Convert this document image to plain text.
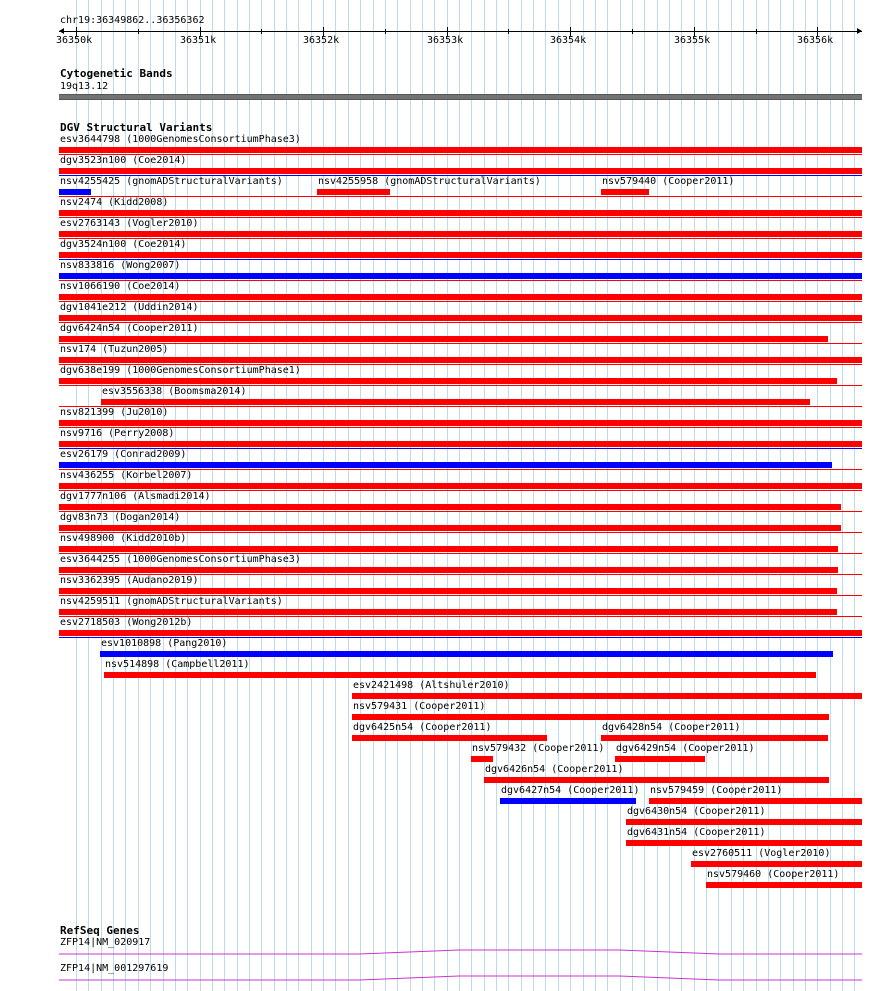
chr19:36349862..36356362
36350k	36351k	36352k	36353k	36354k	36355k	36356k
Cytogenetic Bands
19q13.12
DGV Structural Variants
esv3644798 (1000GenomesConsortiumPhase3)
dgv3523n100 (Coe2014)
nsv4255425 (gnomADStructuralVariants)	nsv4255958 (gnomADStructuralVariants)	nsv579440 (Cooper2011)
nsv2474 (Kidd2008)
esv2763143 (Vogler2010)
dgv3524n100 (Coe2014)
nsv833816 (Wong2007)
nsv1066190 (Coe2014)
dgv1041e212 (Uddin2014)
dgv6424n54 (Cooper2011)
nsv174 (Tuzun2005)
dgv638e199 (1000GenomesConsortiumPhase1)
esv3556338 (Boomsma2014)
nsv821399 (Ju2010)
nsv9716 (Perry2008)
esv26179 (Conrad2009)
nsv436255 (Korbel2007)
dgv1777n106 (Alsmadi2014)
dgv83n73 (Dogan2014)
nsv498900 (Kidd2010b)
esv3644255 (1000GenomesConsortiumPhase3)
nsv3362395 (Audano2019)
nsv4259511 (gnomADStructuralVariants)
esv2718503 (Wong2012b)
esv1010898 (Pang2010)
nsv514898 (Campbell2011)
esv2421498 (Altshuler2010)
nsv579431 (Cooper2011)
dgv6425n54 (Cooper2011)	dgv6428n54 (Cooper2011)
nsv579432 (Cooper2011) dgv6429n54 (Cooper2011)
dgv6426n54 (Cooper2011)
dgv6427n54 (Cooper2011) nsv579459 (Cooper2011)
dgv6430n54 (Cooper2011)
dgv6431n54 (Cooper2011)
esv2760511 (Vogler2010)
nsv579460 (Cooper2011)
RefSeq Genes
ZFP14|NM_020917
ZFP14|NM_001297619
